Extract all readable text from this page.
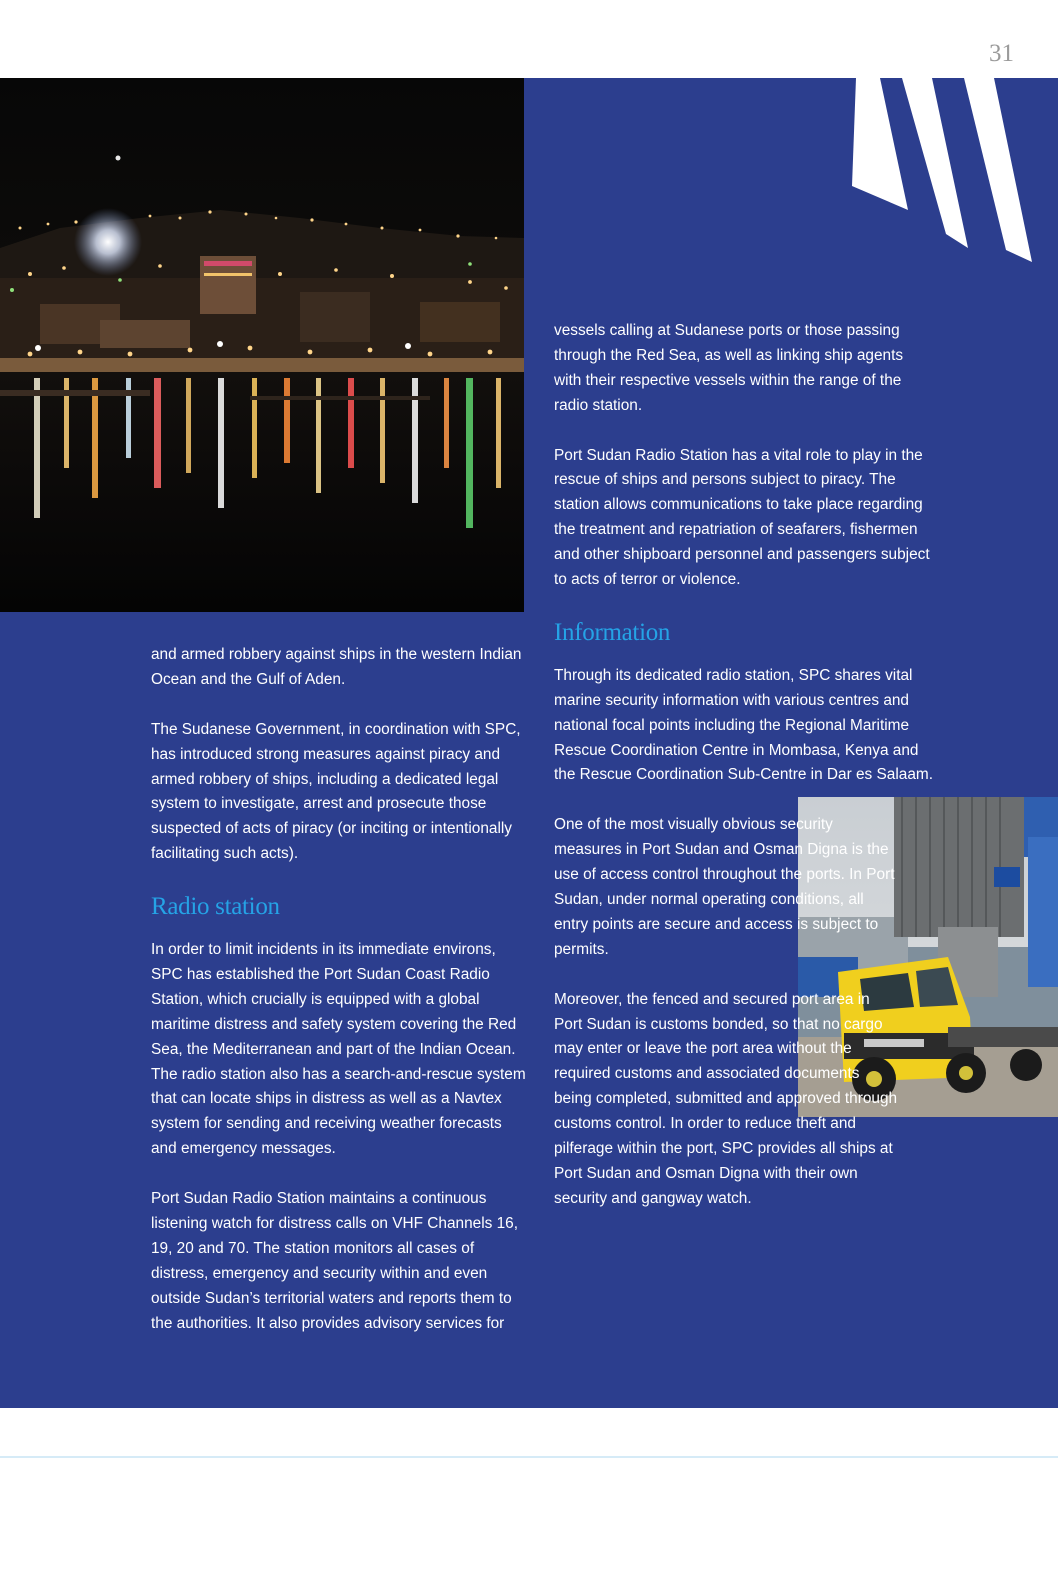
31

and armed robbery against ships in the western Indian Ocean and the Gulf of Aden.

The Sudanese Government, in coordination with SPC, has introduced strong measures against piracy and armed robbery of ships, including a dedicated legal system to investigate, arrest and prosecute those suspected of acts of piracy (or inciting or intentionally facilitating such acts).

Radio station

In order to limit incidents in its immediate environs, SPC has established the Port Sudan Coast Radio Station, which crucially is equipped with a global maritime distress and safety system covering the Red Sea, the Mediterranean and part of the Indian Ocean. The radio station also has a search-and-rescue system that can locate ships in distress as well as a Navtex system for sending and receiving weather forecasts and emergency messages.

Port Sudan Radio Station maintains a continuous listening watch for distress calls on VHF Channels 16, 19, 20 and 70. The station monitors all cases of distress, emergency and security within and even outside Sudan’s territorial waters and reports them to the authorities. It also provides advisory services for

vessels calling at Sudanese ports or those passing through the Red Sea, as well as linking ship agents with their respective vessels within the range of the radio station.

Port Sudan Radio Station has a vital role to play in the rescue of ships and persons subject to piracy. The station allows communications to take place regarding the treatment and repatriation of seafarers, fishermen and other shipboard personnel and passengers subject to acts of terror or violence.

Information

Through its dedicated radio station, SPC shares vital marine security information with various centres and national focal points including the Regional Maritime Rescue Coordination Centre in Mombasa, Kenya and the Rescue Coordination Sub-Centre in Dar es Salaam.

One of the most visually obvious security measures in Port Sudan and Osman Digna is the use of access control throughout the ports. In Port Sudan, under normal operating conditions, all entry points are secure and access is subject to permits.

Moreover, the fenced and secured port area in Port Sudan is customs bonded, so that no cargo may enter or leave the port area without the required customs and associated documents being completed, submitted and approved through customs control. In order to reduce theft and pilferage within the port, SPC provides all ships at Port Sudan and Osman Digna with their own security and gangway watch.
